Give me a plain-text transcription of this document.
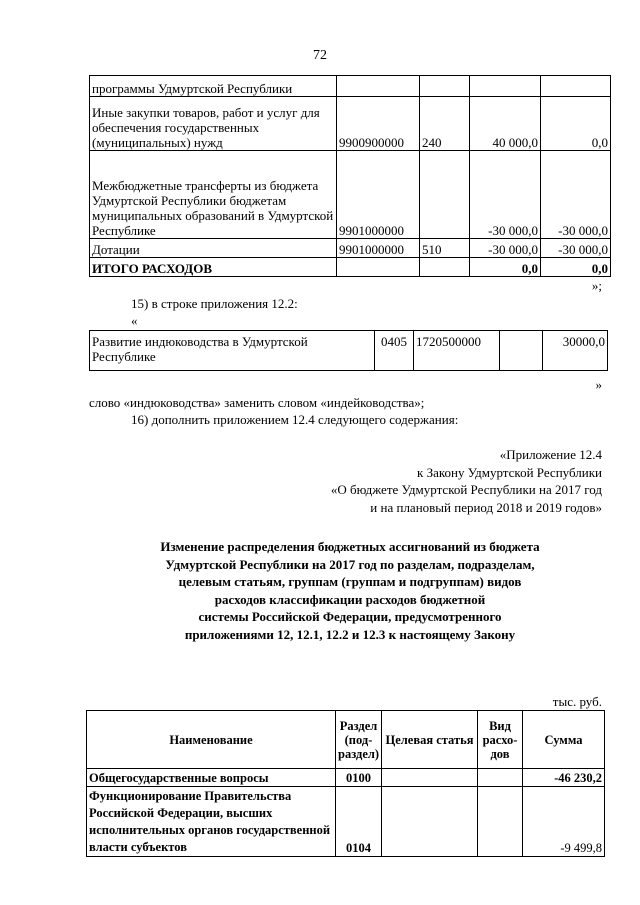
72
программы Удмуртской Республики				
Иные закупки товаров, работ и услуг для обеспечения государственных (муниципальных) нужд	9900900000	240	40 000,0	0,0
Межбюджетные трансферты из бюджета Удмуртской Республики бюджетам муниципальных образований в Удмуртской Республике	9901000000		-30 000,0	-30 000,0
Дотации	9901000000	510	-30 000,0	-30 000,0
ИТОГО РАСХОДОВ			0,0	0,0
»;
15) в строке приложения 12.2:
«
Развитие индюководства в Удмуртской Республике	0405	1720500000		30000,0
»
слово «индюководства» заменить словом «индейководства»;
16) дополнить приложением 12.4 следующего содержания:
«Приложение 12.4
к Закону Удмуртской Республики
«О бюджете Удмуртской Республики на 2017 год
и на плановый период 2018 и 2019 годов»
Изменение распределения бюджетных ассигнований из бюджета
Удмуртской Республики на 2017 год по разделам, подразделам,
целевым статьям, группам (группам и подгруппам) видов
расходов классификации расходов бюджетной
системы Российской Федерации, предусмотренного
приложениями 12, 12.1, 12.2 и 12.3 к настоящему Закону
тыс. руб.
Наименование	Раздел (под-раздел)	Целевая статья	Вид расхо-дов	Сумма
Общегосударственные вопросы	0100			-46 230,2
Функционирование Правительства Российской Федерации, высших исполнительных органов государственной власти субъектов	0104			-9 499,8
